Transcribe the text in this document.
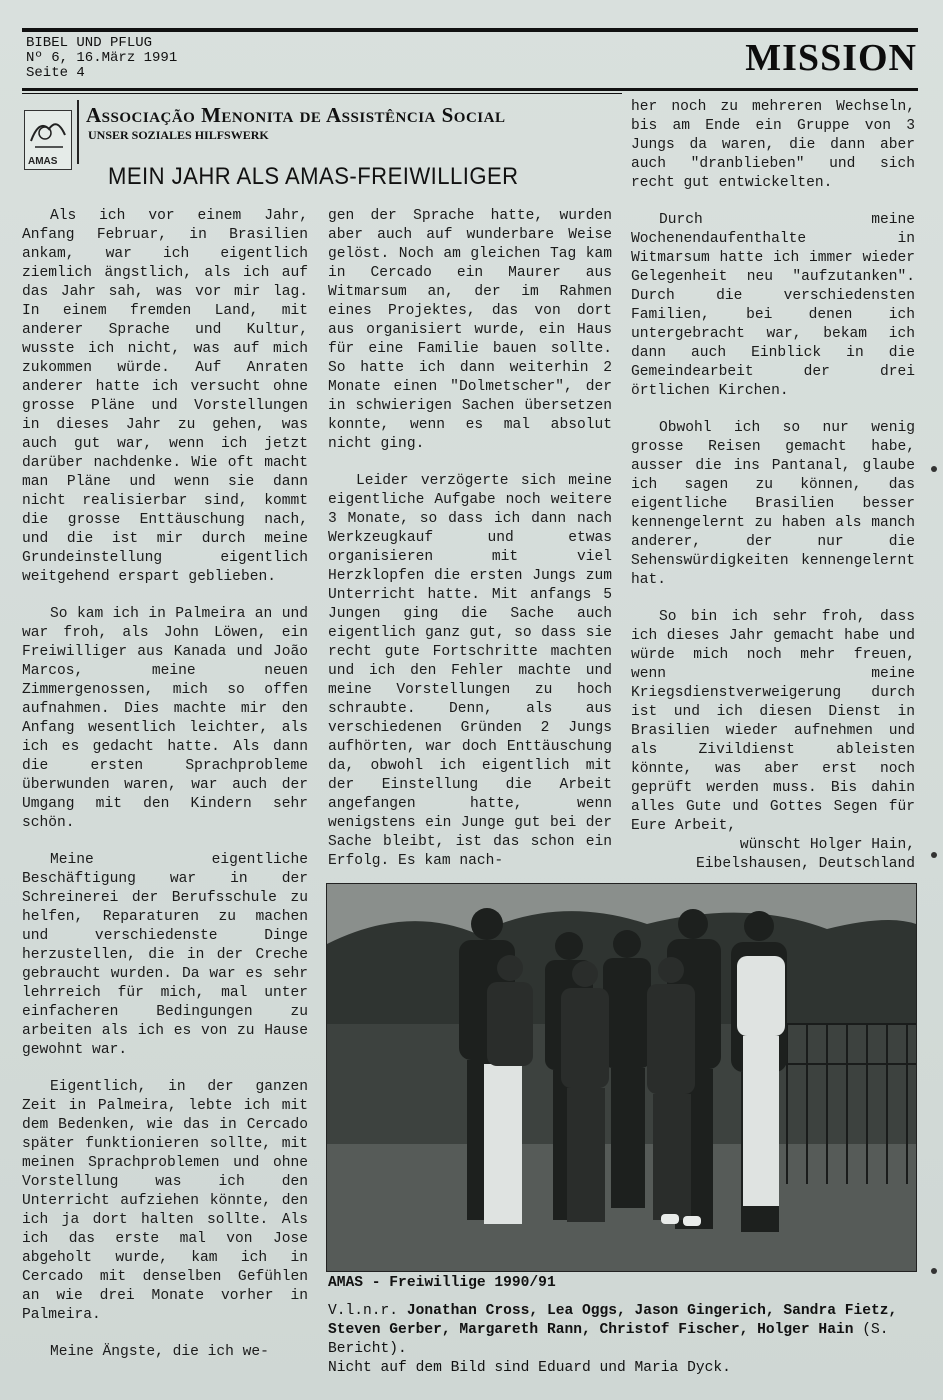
BIBEL UND PFLUG
Nº 6, 16.März 1991
Seite 4	MISSION
AMAS
Associação Menonita de Assistência Social
UNSER SOZIALES HILFSWERK
MEIN JAHR ALS AMAS-FREIWILLIGER

Als ich vor einem Jahr, Anfang Februar, in Brasilien ankam, war ich eigentlich ziemlich ängstlich, als ich auf das Jahr sah, was vor mir lag. In einem fremden Land, mit anderer Sprache und Kultur, wusste ich nicht, was auf mich zukommen würde. Auf Anraten anderer hatte ich versucht ohne grosse Pläne und Vorstellungen in dieses Jahr zu gehen, was auch gut war, wenn ich jetzt darüber nachdenke. Wie oft macht man Pläne und wenn sie dann nicht realisierbar sind, kommt die grosse Enttäuschung nach, und die ist mir durch meine Grundeinstellung eigentlich weitgehend erspart geblieben.

So kam ich in Palmeira an und war froh, als John Löwen, ein Freiwilliger aus Kanada und João Marcos, meine neuen Zimmergenossen, mich so offen aufnahmen. Dies machte mir den Anfang wesentlich leichter, als ich es gedacht hatte. Als dann die ersten Sprachprobleme überwunden waren, war auch der Umgang mit den Kindern sehr schön.

Meine eigentliche Beschäftigung war in der Schreinerei der Berufsschule zu helfen, Reparaturen zu machen und verschiedenste Dinge herzustellen, die in der Creche gebraucht wurden. Da war es sehr lehrreich für mich, mal unter einfacheren Bedingungen zu arbeiten als ich es von zu Hause gewohnt war.

Eigentlich, in der ganzen Zeit in Palmeira, lebte ich mit dem Bedenken, wie das in Cercado später funktionieren sollte, mit meinen Sprachproblemen und ohne Vorstellung was ich den Unterricht aufziehen könnte, den ich ja dort halten sollte. Als ich das erste mal von Jose abgeholt wurde, kam ich in Cercado mit denselben Gefühlen an wie drei Monate vorher in Palmeira.

Meine Ängste, die ich we-

gen der Sprache hatte, wurden aber auch auf wunderbare Weise gelöst. Noch am gleichen Tag kam in Cercado ein Maurer aus Witmarsum an, der im Rahmen eines Projektes, das von dort aus organisiert wurde, ein Haus für eine Familie bauen sollte. So hatte ich dann weiterhin 2 Monate einen "Dolmetscher", der in schwierigen Sachen übersetzen konnte, wenn es mal absolut nicht ging.

Leider verzögerte sich meine eigentliche Aufgabe noch weitere 3 Monate, so dass ich dann nach Werkzeugkauf und etwas organisieren mit viel Herzklopfen die ersten Jungs zum Unterricht hatte. Mit anfangs 5 Jungen ging die Sache auch eigentlich ganz gut, so dass sie recht gute Fortschritte machten und ich den Fehler machte und meine Vorstellungen zu hoch schraubte. Denn, als aus verschiedenen Gründen 2 Jungs aufhörten, war doch Enttäuschung da, obwohl ich eigentlich mit der Einstellung die Arbeit angefangen hatte, wenn wenigstens ein Junge gut bei der Sache bleibt, ist das schon ein Erfolg. Es kam nach-

her noch zu mehreren Wechseln, bis am Ende ein Gruppe von 3 Jungs da waren, die dann aber auch "dranblieben" und sich recht gut entwickelten.

Durch meine Wochenendaufenthalte in Witmarsum hatte ich immer wieder Gelegenheit neu "aufzutanken". Durch die verschiedensten Familien, bei denen ich untergebracht war, bekam ich dann auch Einblick in die Gemeindearbeit der drei örtlichen Kirchen.

Obwohl ich so nur wenig grosse Reisen gemacht habe, ausser die ins Pantanal, glaube ich sagen zu können, das eigentliche Brasilien besser kennengelernt zu haben als manch anderer, der nur die Sehenswürdigkeiten kennengelernt hat.

So bin ich sehr froh, dass ich dieses Jahr gemacht habe und würde mich noch mehr freuen, wenn meine Kriegsdienstverweigerung durch ist und ich diesen Dienst in Brasilien wieder aufnehmen und als Zivildienst ableisten könnte, was aber erst noch geprüft werden muss. Bis dahin alles Gute und Gottes Segen für Eure Arbeit,

wünscht Holger Hain,

Eibelshausen, Deutschland

AMAS - Freiwillige 1990/91
V.l.n.r. Jonathan Cross, Lea Oggs, Jason Gingerich, Sandra Fietz, Steven Gerber, Margareth Rann, Christof Fischer, Holger Hain (S. Bericht).
Nicht auf dem Bild sind Eduard und Maria Dyck.
